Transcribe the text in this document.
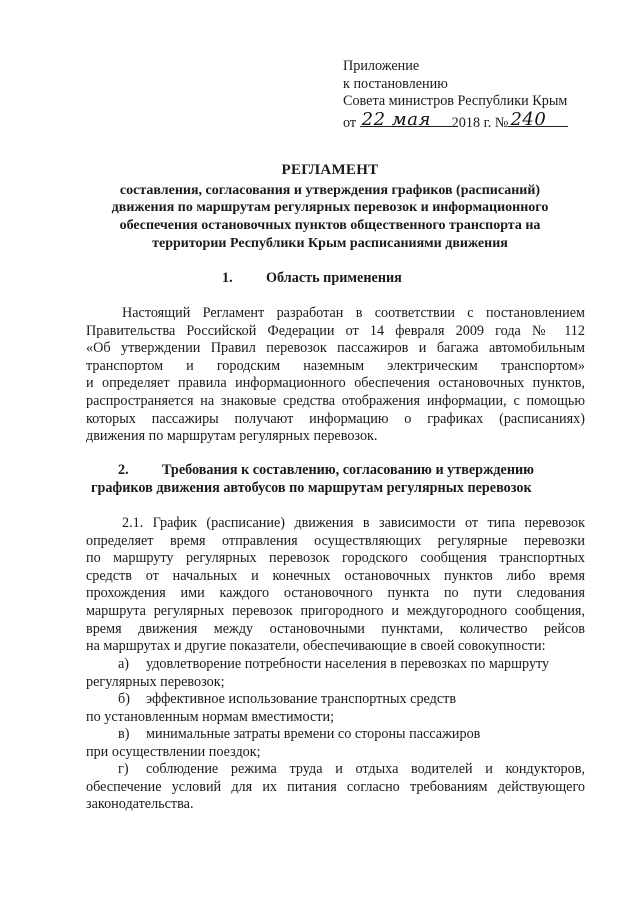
Приложение
к постановлению
Совета министров Республики Крым
от 22 мая 2018 г. № 240
РЕГЛАМЕНТ
составления, согласования и утверждения графиков (расписаний)
движения по маршрутам регулярных перевозок и информационного
обеспечения остановочных пунктов общественного транспорта на
территории Республики Крым расписаниями движения
1. Область применения
Настоящий Регламент разработан в соответствии с постановлением
Правительства Российской Федерации от 14 февраля 2009 года № 112
«Об утверждении Правил перевозок пассажиров и багажа автомобильным
транспортом и городским наземным электрическим транспортом»
и определяет правила информационного обеспечения остановочных пунктов,
распространяется на знаковые средства отображения информации, с помощью
которых пассажиры получают информацию о графиках (расписаниях)
движения по маршрутам регулярных перевозок.
2. Требования к составлению, согласованию и утверждению
графиков движения автобусов по маршрутам регулярных перевозок
2.1. График (расписание) движения в зависимости от типа перевозок
определяет время отправления осуществляющих регулярные перевозки
по маршруту регулярных перевозок городского сообщения транспортных
средств от начальных и конечных остановочных пунктов либо время
прохождения ими каждого остановочного пункта по пути следования
маршрута регулярных перевозок пригородного и междугородного сообщения,
время движения между остановочными пунктами, количество рейсов
на маршрутах и другие показатели, обеспечивающие в своей совокупности:
а) удовлетворение потребности населения в перевозках по маршруту
регулярных перевозок;
б) эффективное использование транспортных средств
по установленным нормам вместимости;
в) минимальные затраты времени со стороны пассажиров
при осуществлении поездок;
г) соблюдение режима труда и отдыха водителей и кондукторов,
обеспечение условий для их питания согласно требованиям действующего
законодательства.
